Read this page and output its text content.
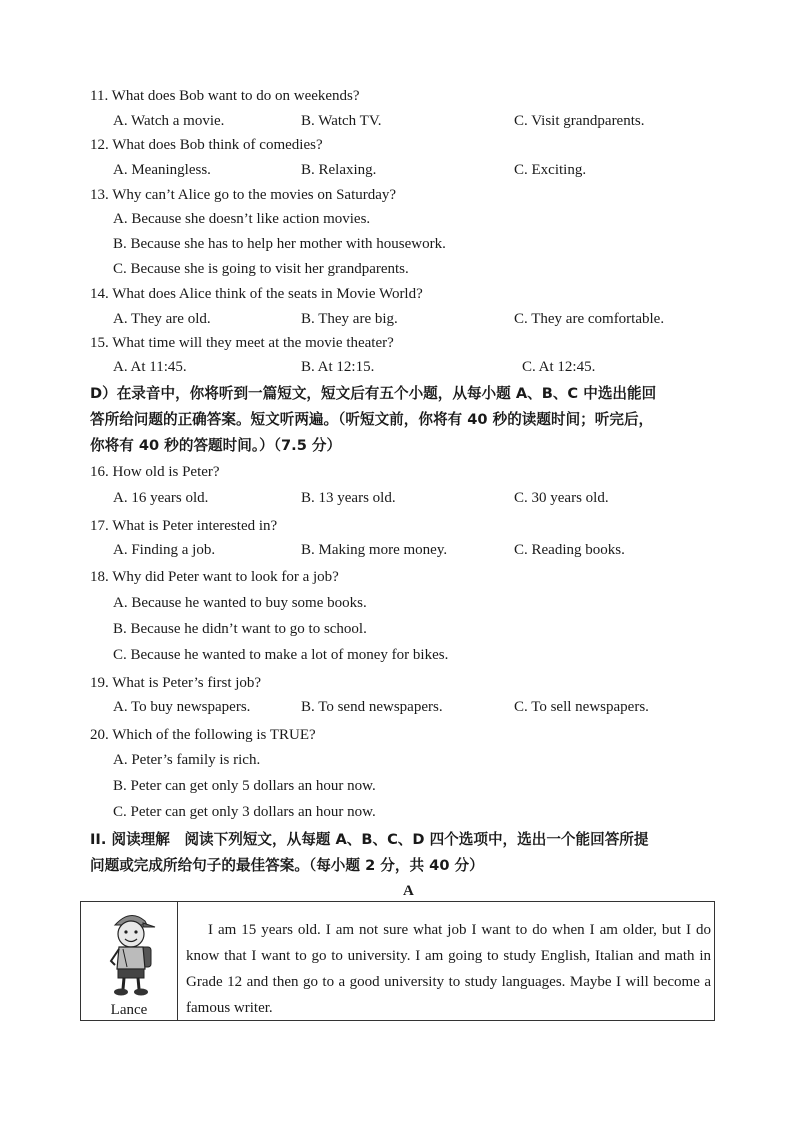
11. What does Bob want to do on weekends?
A. Watch a movie.	B. Watch TV.	C. Visit grandparents.
12. What does Bob think of comedies?
A. Meaningless.	B. Relaxing.	C. Exciting.
13. Why can’t Alice go to the movies on Saturday?
A. Because she doesn’t like action movies.
B. Because she has to help her mother with housework.
C. Because she is going to visit her grandparents.
14. What does Alice think of the seats in Movie World?
A. They are old.	B. They are big.	C. They are comfortable.
15. What time will they meet at the movie theater?
A. At 11:45.	B. At 12:15.	C. At 12:45.
D）在录音中，你将听到一篇短文，短文后有五个小题，从每小题 A、B、C 中选出能回
答所给问题的正确答案。短文听两遍。（听短文前，你将有 40 秒的读题时间；听完后，
你将有 40 秒的答题时间。）（7.5 分）
16. How old is Peter?
A. 16 years old.	B. 13 years old.	C. 30 years old.
17. What is Peter interested in?
A. Finding a job.	B. Making more money.	C. Reading books.
18. Why did Peter want to look for a job?
A. Because he wanted to buy some books.
B. Because he didn’t want to go to school.
C. Because he wanted to make a lot of money for bikes.
19. What is Peter’s first job?
A. To buy newspapers.	B. To send newspapers.	C. To sell newspapers.
20. Which of the following is TRUE?
A. Peter’s family is rich.
B. Peter can get only 5 dollars an hour now.
C. Peter can get only 3 dollars an hour now.
II. 阅读理解　阅读下列短文，从每题 A、B、C、D 四个选项中，选出一个能回答所提
问题或完成所给句子的最佳答案。（每小题 2 分，共 40 分）
A
Lance

I am 15 years old. I am not sure what job I want to do when I am older, but I do know that I want to go to university. I am going to study English, Italian and math in Grade 12 and then go to a good university to study languages. Maybe I will become a famous writer.
